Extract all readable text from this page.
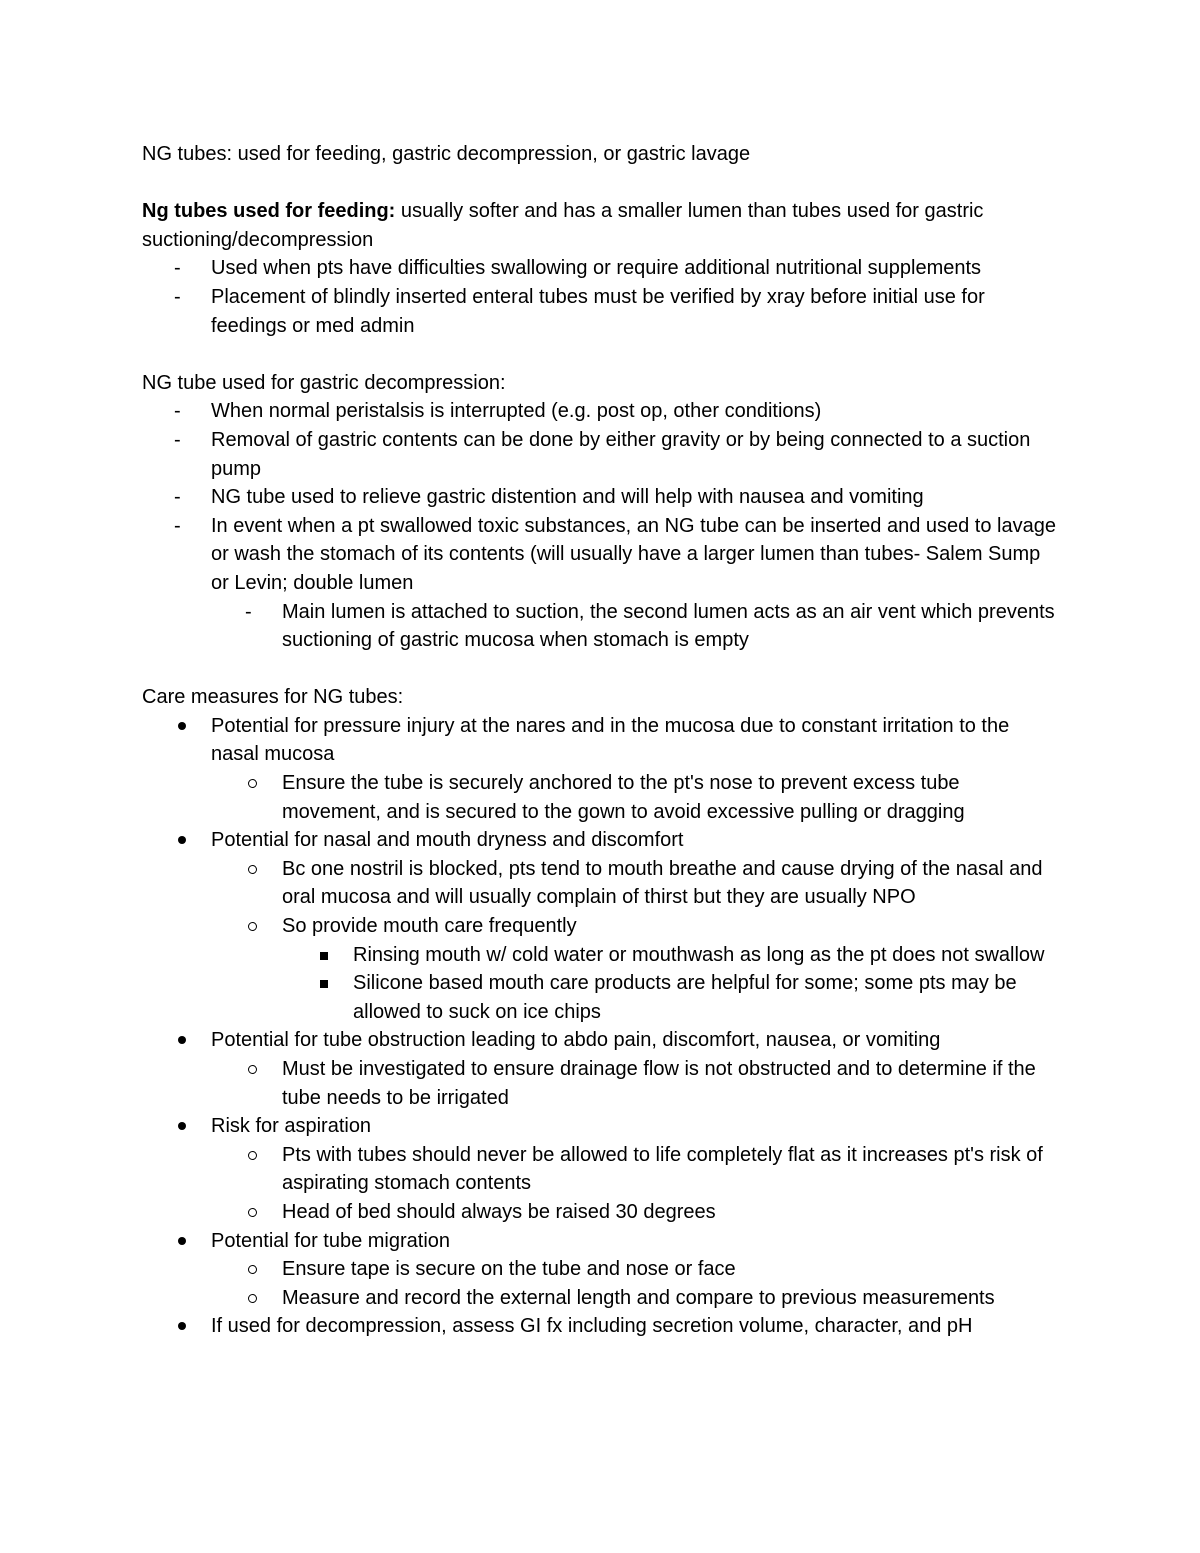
NG tubes: used for feeding, gastric decompression, or gastric lavage

Ng tubes used for feeding: usually softer and has a smaller lumen than tubes used for gastric suctioning/decompression

- Used when pts have difficulties swallowing or require additional nutritional supplements
- Placement of blindly inserted enteral tubes must be verified by xray before initial use for feedings or med admin

NG tube used for gastric decompression:

- When normal peristalsis is interrupted (e.g. post op, other conditions)
- Removal of gastric contents can be done by either gravity or by being connected to a suction pump
- NG tube used to relieve gastric distention and will help with nausea and vomiting
- In event when a pt swallowed toxic substances, an NG tube can be inserted and used to lavage or wash the stomach of its contents (will usually have a larger lumen than tubes- Salem Sump or Levin; double lumen
- Main lumen is attached to suction, the second lumen acts as an air vent which prevents suctioning of gastric mucosa when stomach is empty

Care measures for NG tubes:

Potential for pressure injury at the nares and in the mucosa due to constant irritation to the nasal mucosa
Ensure the tube is securely anchored to the pt's nose to prevent excess tube movement, and is secured to the gown to avoid excessive pulling or dragging
Potential for nasal and mouth dryness and discomfort
Bc one nostril is blocked, pts tend to mouth breathe and cause drying of the nasal and oral mucosa and will usually complain of thirst but they are usually NPO
So provide mouth care frequently
Rinsing mouth w/ cold water or mouthwash as long as the pt does not swallow
Silicone based mouth care products are helpful for some; some pts may be allowed to suck on ice chips
Potential for tube obstruction leading to abdo pain, discomfort, nausea, or vomiting
Must be investigated to ensure drainage flow is not obstructed and to determine if the tube needs to be irrigated
Risk for aspiration
Pts with tubes should never be allowed to life completely flat as it increases pt's risk of aspirating stomach contents
Head of bed should always be raised 30 degrees
Potential for tube migration
Ensure tape is secure on the tube and nose or face
Measure and record the external length and compare to previous measurements
If used for decompression, assess GI fx including secretion volume, character, and pH
